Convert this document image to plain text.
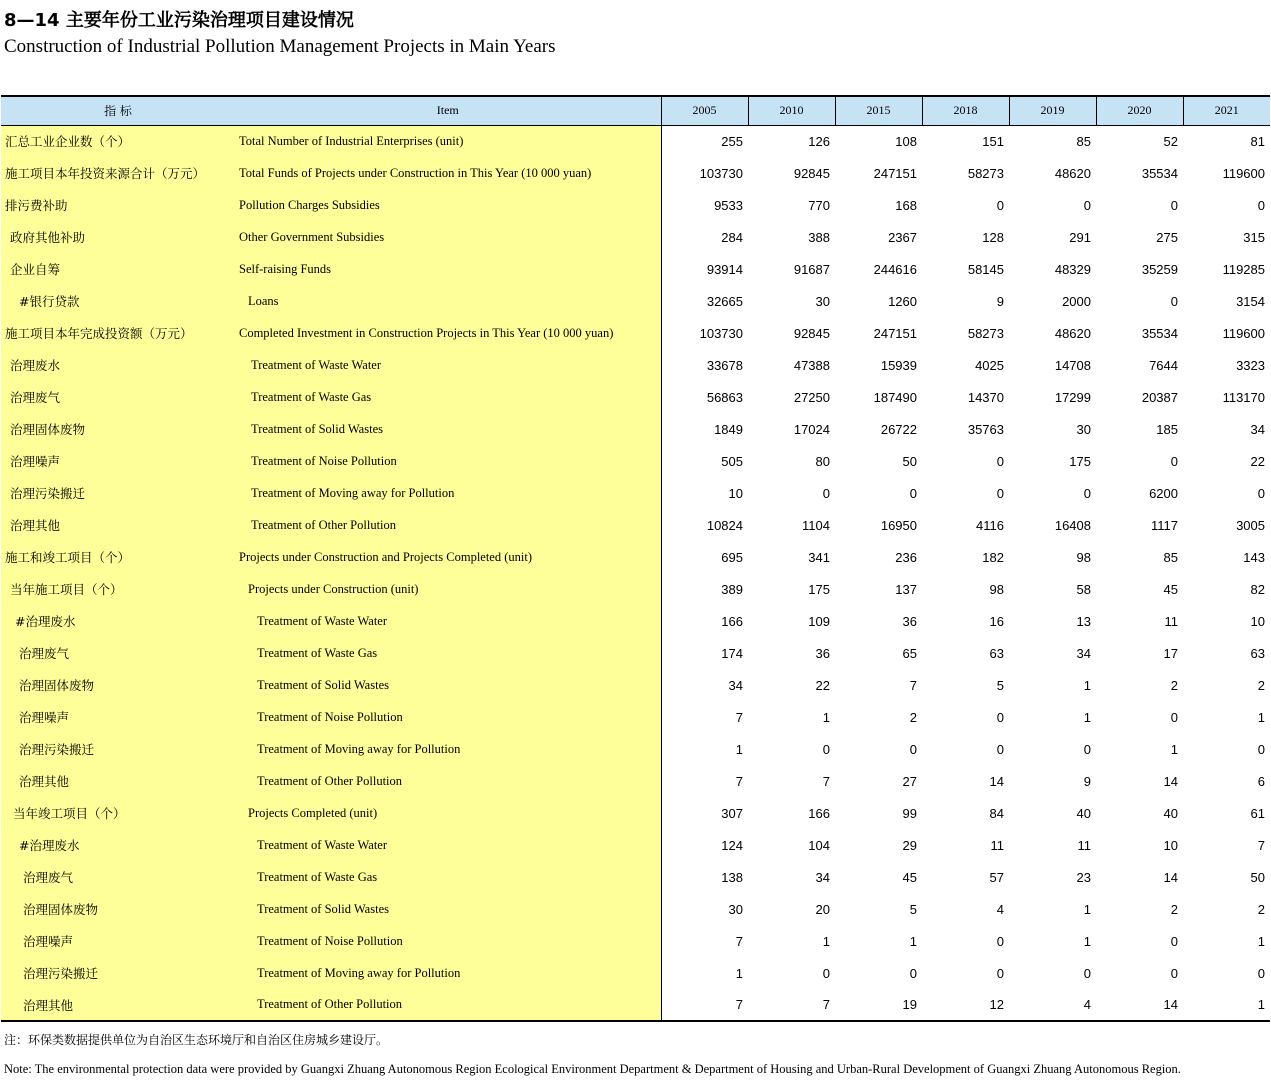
8—14 主要年份工业污染治理项目建设情况
Construction of Industrial Pollution Management Projects in Main Years
指 标	Item	2005	2010	2015	2018	2019	2020	2021
汇总工业企业数（个）	Total Number of Industrial Enterprises (unit)	255	126	108	151	85	52	81
施工项目本年投资来源合计（万元）	Total Funds of Projects under Construction in This Year (10 000 yuan)	103730	92845	247151	58273	48620	35534	119600
排污费补助	Pollution Charges Subsidies	9533	770	168	0	0	0	0
政府其他补助	Other Government Subsidies	284	388	2367	128	291	275	315
企业自筹	Self-raising Funds	93914	91687	244616	58145	48329	35259	119285
#银行贷款	Loans	32665	30	1260	9	2000	0	3154
施工项目本年完成投资额（万元）	Completed Investment in Construction Projects in This Year (10 000 yuan)	103730	92845	247151	58273	48620	35534	119600
治理废水	Treatment of Waste Water	33678	47388	15939	4025	14708	7644	3323
治理废气	Treatment of Waste Gas	56863	27250	187490	14370	17299	20387	113170
治理固体废物	Treatment of Solid Wastes	1849	17024	26722	35763	30	185	34
治理噪声	Treatment of Noise Pollution	505	80	50	0	175	0	22
治理污染搬迁	Treatment of Moving away for Pollution	10	0	0	0	0	6200	0
治理其他	Treatment of Other Pollution	10824	1104	16950	4116	16408	1117	3005
施工和竣工项目（个）	Projects under Construction and Projects Completed (unit)	695	341	236	182	98	85	143
当年施工项目（个）	Projects under Construction (unit)	389	175	137	98	58	45	82
#治理废水	Treatment of Waste Water	166	109	36	16	13	11	10
治理废气	Treatment of Waste Gas	174	36	65	63	34	17	63
治理固体废物	Treatment of Solid Wastes	34	22	7	5	1	2	2
治理噪声	Treatment of Noise Pollution	7	1	2	0	1	0	1
治理污染搬迁	Treatment of Moving away for Pollution	1	0	0	0	0	1	0
治理其他	Treatment of Other Pollution	7	7	27	14	9	14	6
当年竣工项目（个）	Projects Completed (unit)	307	166	99	84	40	40	61
#治理废水	Treatment of Waste Water	124	104	29	11	11	10	7
治理废气	Treatment of Waste Gas	138	34	45	57	23	14	50
治理固体废物	Treatment of Solid Wastes	30	20	5	4	1	2	2
治理噪声	Treatment of Noise Pollution	7	1	1	0	1	0	1
治理污染搬迁	Treatment of Moving away for Pollution	1	0	0	0	0	0	0
治理其他	Treatment of Other Pollution	7	7	19	12	4	14	1
注：环保类数据提供单位为自治区生态环境厅和自治区住房城乡建设厅。
Note: The environmental protection data were provided by Guangxi Zhuang Autonomous Region Ecological Environment Department & Department of Housing and Urban-Rural Development of Guangxi Zhuang Autonomous Region.
